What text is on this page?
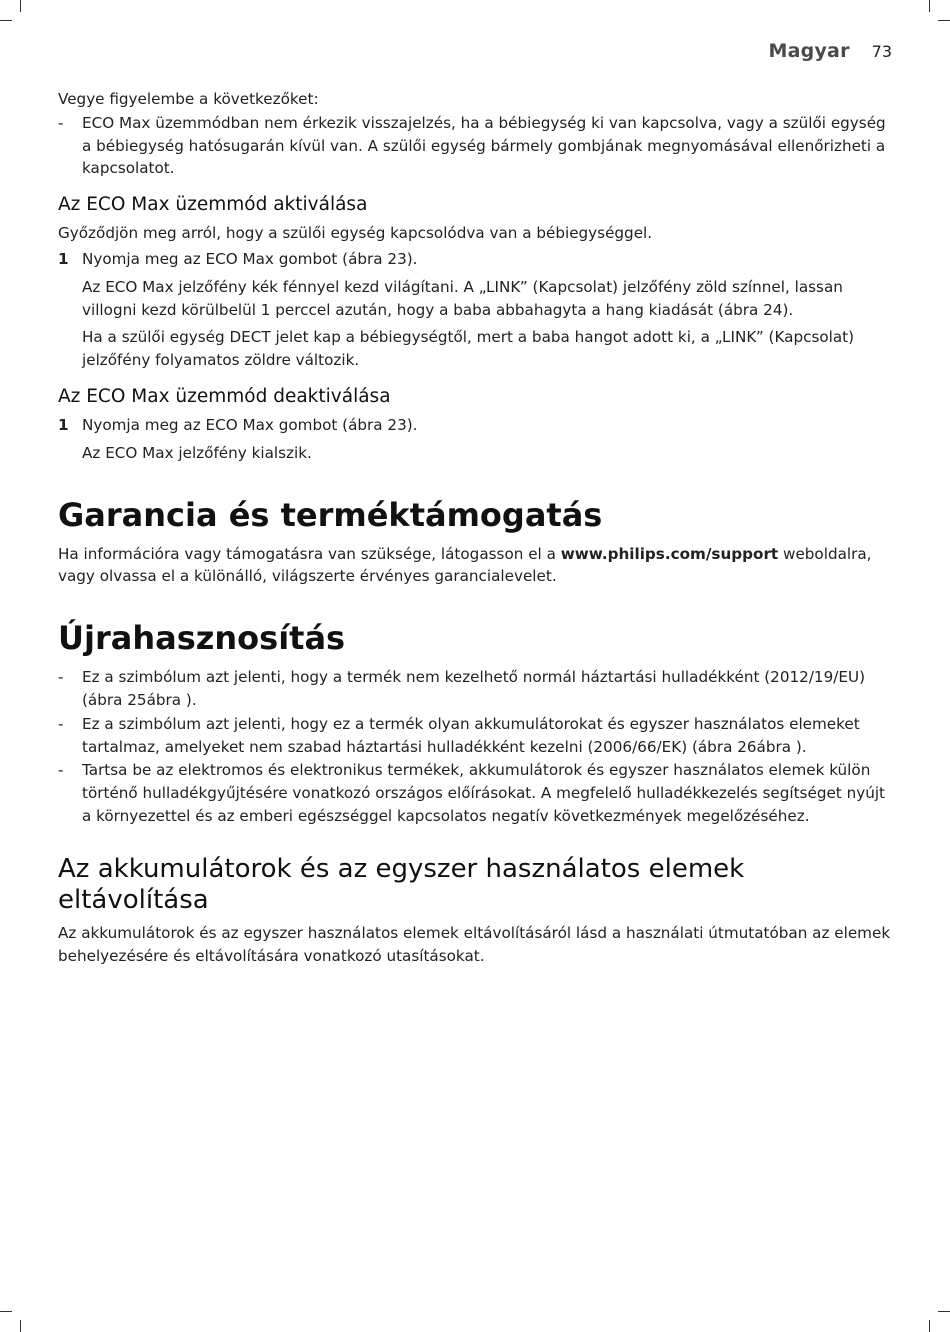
Magyar 73

Vegye figyelembe a következőket:

-	ECO Max üzemmódban nem érkezik visszajelzés, ha a bébiegység ki van kapcsolva, vagy a szülői egység a bébiegység hatósugarán kívül van. A szülői egység bármely gombjának megnyomásával ellenőrizheti a kapcsolatot.
Az ECO Max üzemmód aktiválása

Győződjön meg arról, hogy a szülői egység kapcsolódva van a bébiegységgel.

1 Nyomja meg az ECO Max gombot (ábra 23).

Az ECO Max jelzőfény kék fénnyel kezd világítani. A „LINK” (Kapcsolat) jelzőfény zöld színnel, lassan villogni kezd körülbelül 1 perccel azután, hogy a baba abbahagyta a hang kiadását (ábra 24).

Ha a szülői egység DECT jelet kap a bébiegységtől, mert a baba hangot adott ki, a „LINK” (Kapcsolat) jelzőfény folyamatos zöldre változik.

Az ECO Max üzemmód deaktiválása
1 Nyomja meg az ECO Max gombot (ábra 23).

Az ECO Max jelzőfény kialszik.

Garancia és terméktámogatás

Ha információra vagy támogatásra van szüksége, látogasson el a www.philips.com/support weboldalra, vagy olvassa el a különálló, világszerte érvényes garancialevelet.

Újrahasznosítás
-	Ez a szimbólum azt jelenti, hogy a termék nem kezelhető normál háztartási hulladékként (2012/19/EU) (ábra 25ábra ).
-	Ez a szimbólum azt jelenti, hogy ez a termék olyan akkumulátorokat és egyszer használatos elemeket tartalmaz, amelyeket nem szabad háztartási hulladékként kezelni (2006/66/EK) (ábra 26ábra ).
-	Tartsa be az elektromos és elektronikus termékek, akkumulátorok és egyszer használatos elemek külön történő hulladékgyűjtésére vonatkozó országos előírásokat. A megfelelő hulladékkezelés segítséget nyújt a környezettel és az emberi egészséggel kapcsolatos negatív következmények megelőzéséhez.
Az akkumulátorok és az egyszer használatos elemek eltávolítása

Az akkumulátorok és az egyszer használatos elemek eltávolításáról lásd a használati útmutatóban az elemek behelyezésére és eltávolítására vonatkozó utasításokat.
